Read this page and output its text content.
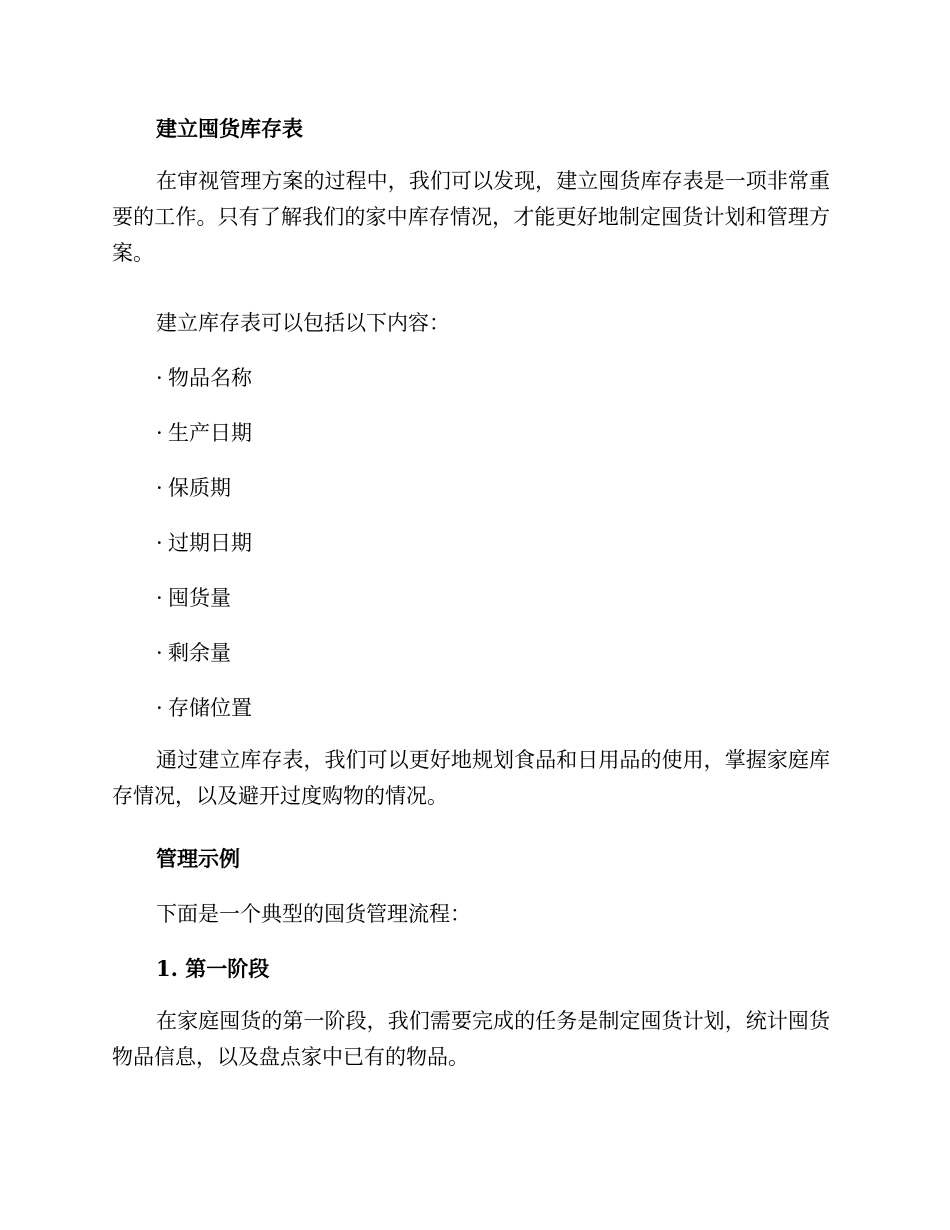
建立囤货库存表
在审视管理方案的过程中，我们可以发现，建立囤货库存表是一项非常重要的工作。只有了解我们的家中库存情况，才能更好地制定囤货计划和管理方案。
建立库存表可以包括以下内容：
· 物品名称
· 生产日期
· 保质期
· 过期日期
· 囤货量
· 剩余量
· 存储位置
通过建立库存表，我们可以更好地规划食品和日用品的使用，掌握家庭库存情况，以及避开过度购物的情况。
管理示例
下面是一个典型的囤货管理流程：
1. 第一阶段
在家庭囤货的第一阶段，我们需要完成的任务是制定囤货计划，统计囤货物品信息，以及盘点家中已有的物品。
